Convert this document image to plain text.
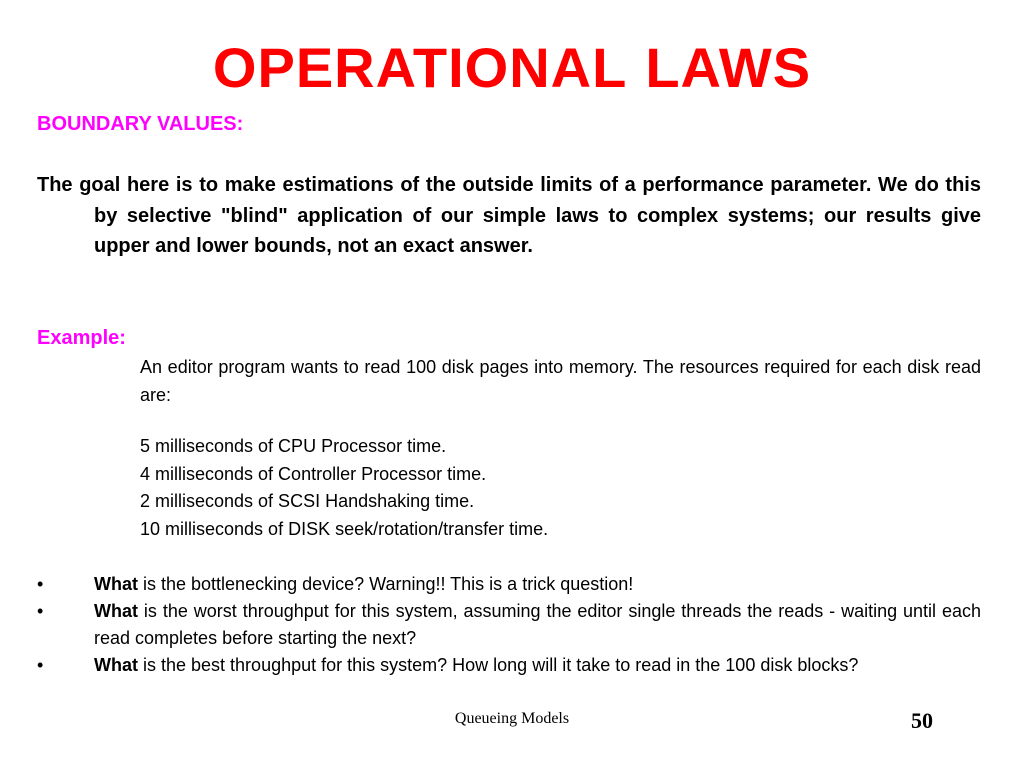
OPERATIONAL LAWS
BOUNDARY VALUES:
The goal here is to make estimations of the outside limits of a performance parameter. We do this by selective "blind" application of our simple laws to complex systems; our results give upper and lower bounds, not an exact answer.
Example:
An editor program wants to read 100 disk pages into memory. The resources required for each disk read are:
5 milliseconds of CPU Processor time.
4 milliseconds of Controller Processor time.
2 milliseconds of SCSI Handshaking time.
10 milliseconds of DISK seek/rotation/transfer time.
•	What is the bottlenecking device? Warning!! This is a trick question!
•	What is the worst throughput for this system, assuming the editor single threads the reads - waiting until each read completes before starting the next?
•	What is the best throughput for this system? How long will it take to read in the 100 disk blocks?
Queueing Models	50
